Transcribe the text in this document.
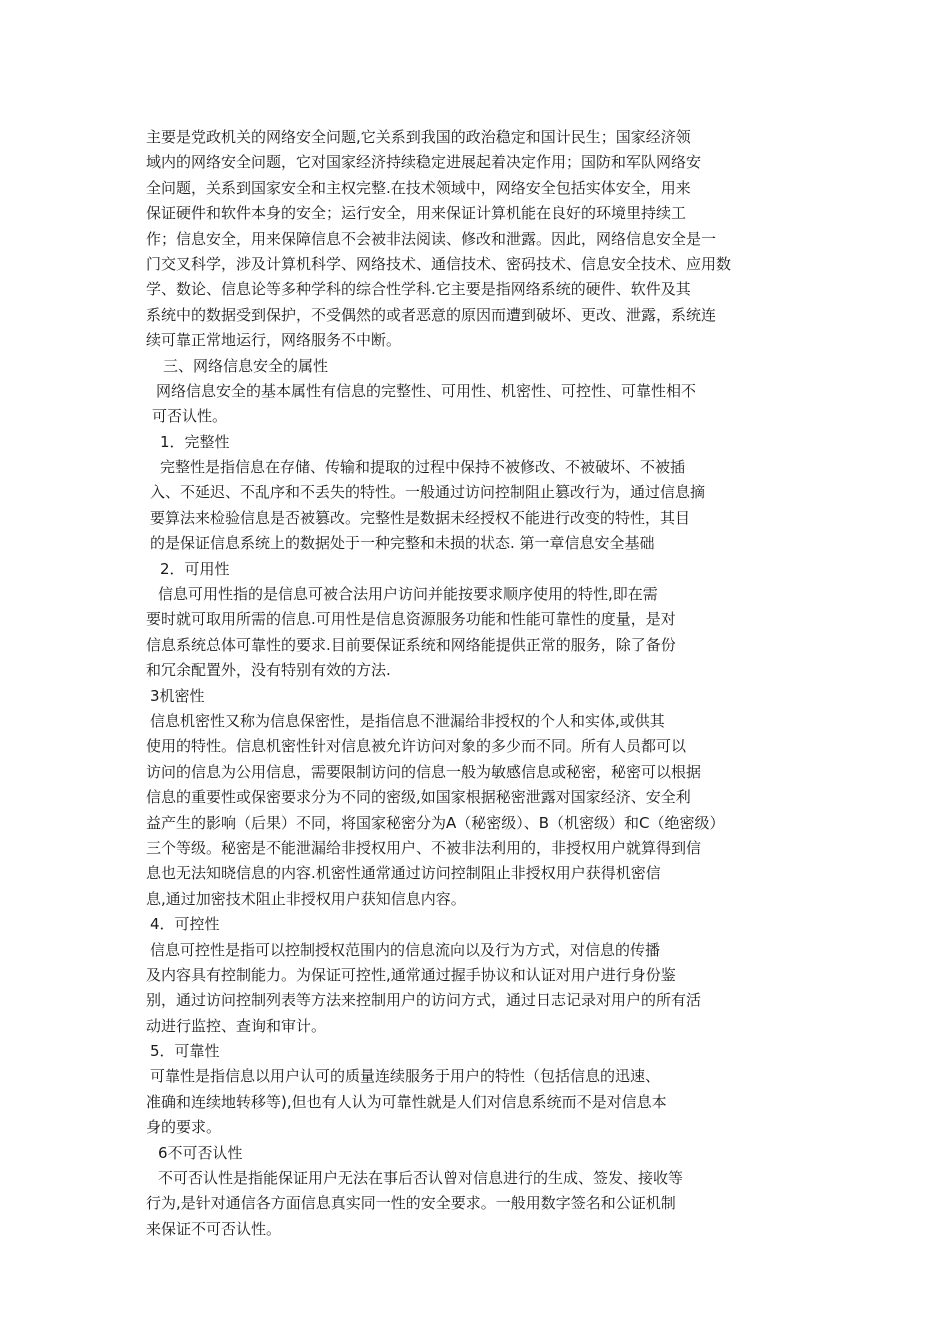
主要是党政机关的网络安全问题,它关系到我国的政治稳定和国计民生；国家经济领
域内的网络安全问题，它对国家经济持续稳定进展起着决定作用；国防和军队网络安
全问题，关系到国家安全和主权完整.在技术领域中，网络安全包括实体安全，用来
保证硬件和软件本身的安全；运行安全，用来保证计算机能在良好的环境里持续工
作；信息安全，用来保障信息不会被非法阅读、修改和泄露。因此，网络信息安全是一
门交叉科学，涉及计算机科学、网络技术、通信技术、密码技术、信息安全技术、应用数
学、数论、信息论等多种学科的综合性学科.它主要是指网络系统的硬件、软件及其
系统中的数据受到保护，不受偶然的或者恶意的原因而遭到破坏、更改、泄露，系统连
续可靠正常地运行，网络服务不中断。
三、网络信息安全的属性
网络信息安全的基本属性有信息的完整性、可用性、机密性、可控性、可靠性相不
可否认性。
1．完整性
完整性是指信息在存储、传输和提取的过程中保持不被修改、不被破坏、不被插
入、不延迟、不乱序和不丢失的特性。一般通过访问控制阻止篡改行为，通过信息摘
要算法来检验信息是否被篡改。完整性是数据未经授权不能进行改变的特性，其目
的是保证信息系统上的数据处于一种完整和未损的状态. 第一章信息安全基础
2．可用性
信息可用性指的是信息可被合法用户访问并能按要求顺序使用的特性,即在需
要时就可取用所需的信息.可用性是信息资源服务功能和性能可靠性的度量，是对
信息系统总体可靠性的要求.目前要保证系统和网络能提供正常的服务，除了备份
和冗余配置外，没有特别有效的方法.
3机密性
信息机密性又称为信息保密性，是指信息不泄漏给非授权的个人和实体,或供其
使用的特性。信息机密性针对信息被允许访问对象的多少而不同。所有人员都可以
访问的信息为公用信息，需要限制访问的信息一般为敏感信息或秘密，秘密可以根据
信息的重要性或保密要求分为不同的密级,如国家根据秘密泄露对国家经济、安全利
益产生的影响（后果）不同，将国家秘密分为A（秘密级）、B（机密级）和C（绝密级）
三个等级。秘密是不能泄漏给非授权用户、不被非法利用的，非授权用户就算得到信
息也无法知晓信息的内容.机密性通常通过访问控制阻止非授权用户获得机密信
息,通过加密技术阻止非授权用户获知信息内容。
4．可控性
信息可控性是指可以控制授权范围内的信息流向以及行为方式，对信息的传播
及内容具有控制能力。为保证可控性,通常通过握手协议和认证对用户进行身份鉴
别，通过访问控制列表等方法来控制用户的访问方式，通过日志记录对用户的所有活
动进行监控、查询和审计。
5．可靠性
可靠性是指信息以用户认可的质量连续服务于用户的特性（包括信息的迅速、
准确和连续地转移等),但也有人认为可靠性就是人们对信息系统而不是对信息本
身的要求。
6不可否认性
不可否认性是指能保证用户无法在事后否认曾对信息进行的生成、签发、接收等
行为,是针对通信各方面信息真实同一性的安全要求。一般用数字签名和公证机制
来保证不可否认性。
